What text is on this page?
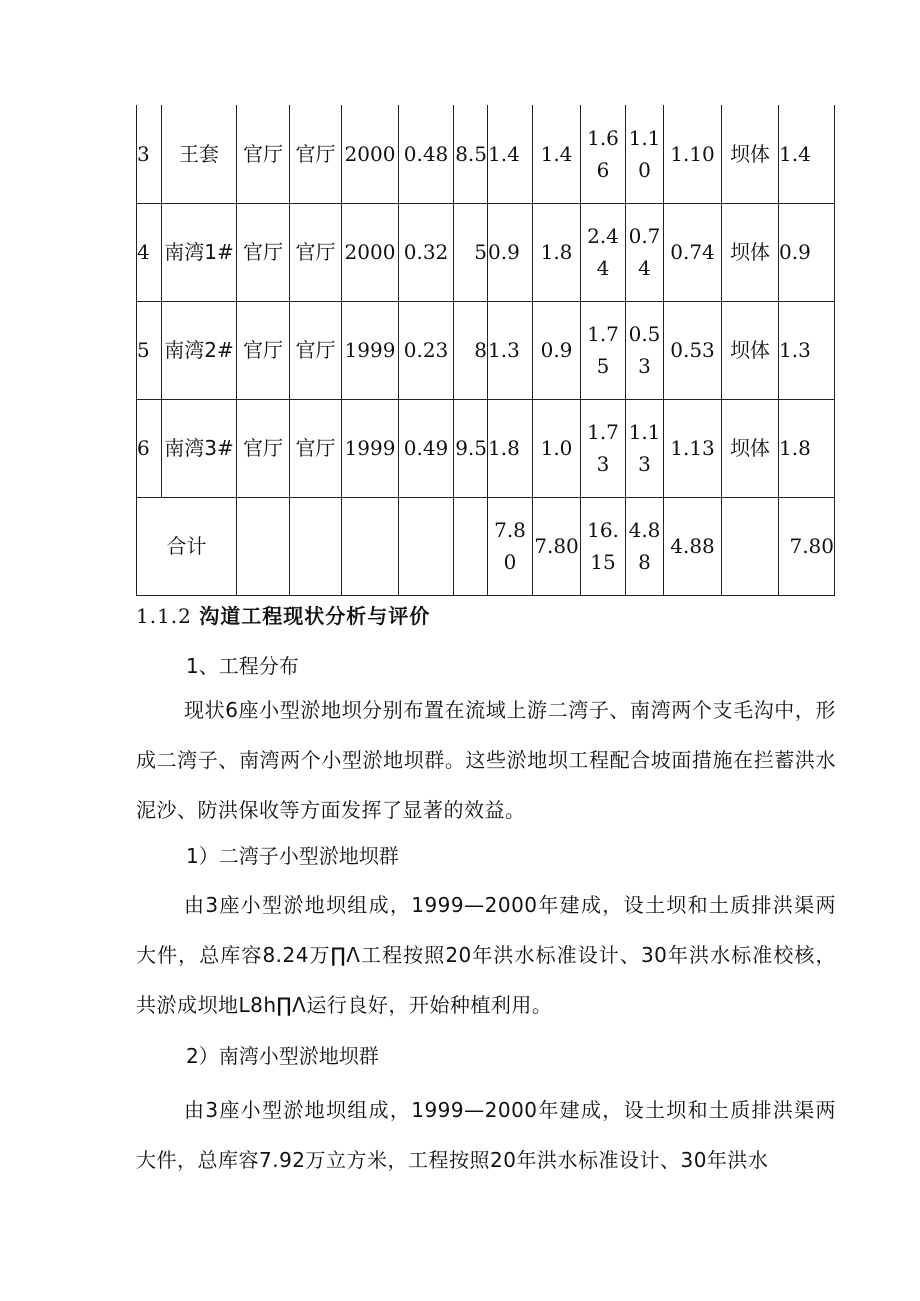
3	王套	官厅	官厅	2000	0.48	8.5	1.4	1.4	1.66	1.10	1.10	坝体	1.4
4	南湾1#	官厅	官厅	2000	0.32	5	0.9	1.8	2.44	0.74	0.74	坝体	0.9
5	南湾2#	官厅	官厅	1999	0.23	8	1.3	0.9	1.75	0.53	0.53	坝体	1.3
6	南湾3#	官厅	官厅	1999	0.49	9.5	1.8	1.0	1.73	1.13	1.13	坝体	1.8
合计							7.80	7.80	16.15	4.88	4.88		7.80
1.1.2 沟道工程现状分析与评价
1、工程分布
现状6座小型淤地坝分别布置在流域上游二湾子、南湾两个支毛沟中，形成二湾子、南湾两个小型淤地坝群。这些淤地坝工程配合坡面措施在拦蓄洪水泥沙、防洪保收等方面发挥了显著的效益。
1）二湾子小型淤地坝群
由3座小型淤地坝组成，1999—2000年建成，设土坝和土质排洪渠两大件，总库容8.24万∏Λ工程按照20年洪水标准设计、30年洪水标准校核，共淤成坝地L8h∏Λ运行良好，开始种植利用。
2）南湾小型淤地坝群
由3座小型淤地坝组成，1999—2000年建成，设土坝和土质排洪渠两大件，总库容7.92万立方米，工程按照20年洪水标准设计、30年洪水
